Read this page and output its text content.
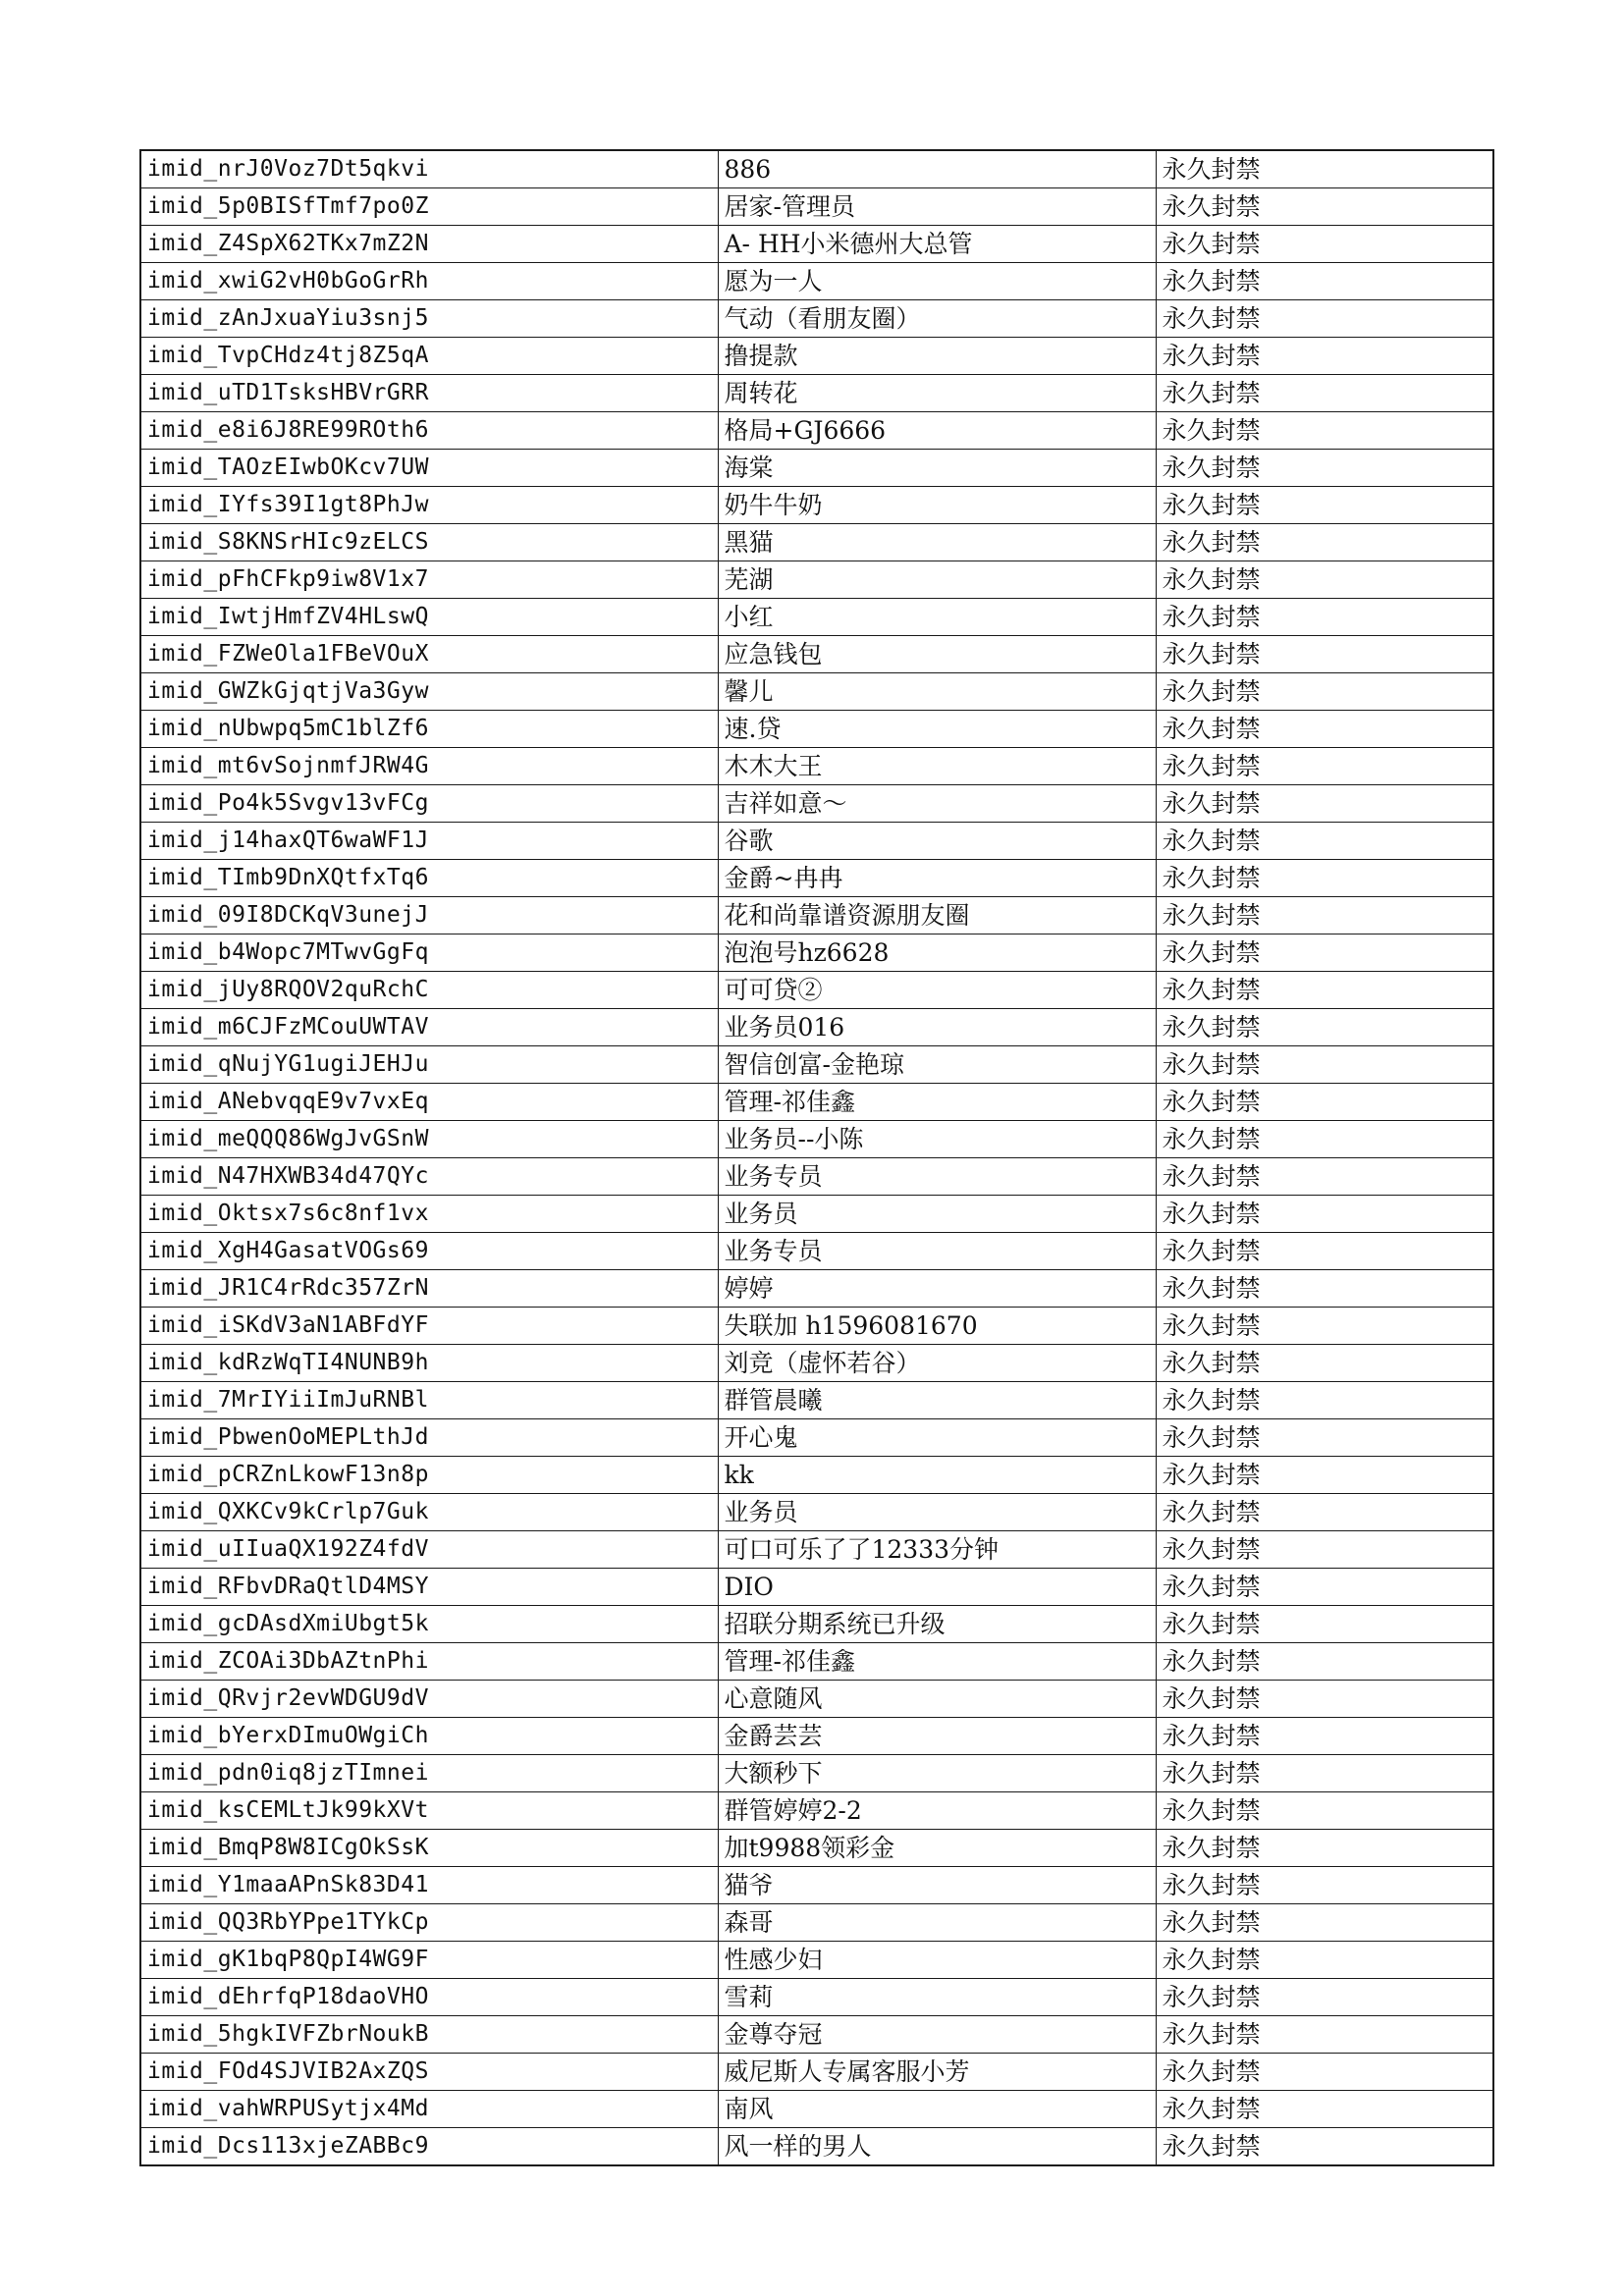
imid_nrJ0Voz7Dt5qkvi	886	永久封禁
imid_5p0BISfTmf7po0Z	居家-管理员	永久封禁
imid_Z4SpX62TKx7mZ2N	A- HH小米德州大总管	永久封禁
imid_xwiG2vH0bGoGrRh	愿为一人	永久封禁
imid_zAnJxuaYiu3snj5	气动（看朋友圈）	永久封禁
imid_TvpCHdz4tj8Z5qA	撸提款	永久封禁
imid_uTD1TsksHBVrGRR	周转花	永久封禁
imid_e8i6J8RE99ROth6	格局+GJ6666	永久封禁
imid_TAOzEIwbOKcv7UW	海棠	永久封禁
imid_IYfs39I1gt8PhJw	奶牛牛奶	永久封禁
imid_S8KNSrHIc9zELCS	黑猫	永久封禁
imid_pFhCFkp9iw8V1x7	芜湖	永久封禁
imid_IwtjHmfZV4HLswQ	小红	永久封禁
imid_FZWeOla1FBeVOuX	应急钱包	永久封禁
imid_GWZkGjqtjVa3Gyw	馨儿	永久封禁
imid_nUbwpq5mC1blZf6	速.贷	永久封禁
imid_mt6vSojnmfJRW4G	木木大王	永久封禁
imid_Po4k5Svgv13vFCg	吉祥如意～	永久封禁
imid_j14haxQT6waWF1J	谷歌	永久封禁
imid_TImb9DnXQtfxTq6	金爵~冉冉	永久封禁
imid_09I8DCKqV3unejJ	花和尚靠谱资源朋友圈	永久封禁
imid_b4Wopc7MTwvGgFq	泡泡号hz6628	永久封禁
imid_jUy8RQOV2quRchC	可可贷②	永久封禁
imid_m6CJFzMCouUWTAV	业务员016	永久封禁
imid_qNujYG1ugiJEHJu	智信创富-金艳琼	永久封禁
imid_ANebvqqE9v7vxEq	管理-祁佳鑫	永久封禁
imid_meQQQ86WgJvGSnW	业务员--小陈	永久封禁
imid_N47HXWB34d47QYc	业务专员	永久封禁
imid_Oktsx7s6c8nf1vx	业务员	永久封禁
imid_XgH4GasatVOGs69	业务专员	永久封禁
imid_JR1C4rRdc357ZrN	婷婷	永久封禁
imid_iSKdV3aN1ABFdYF	失联加 h1596081670	永久封禁
imid_kdRzWqTI4NUNB9h	刘竞（虚怀若谷）	永久封禁
imid_7MrIYiiImJuRNBl	群管晨曦	永久封禁
imid_PbwenOoMEPLthJd	开心鬼	永久封禁
imid_pCRZnLkowF13n8p	kk	永久封禁
imid_QXKCv9kCrlp7Guk	业务员	永久封禁
imid_uIIuaQX192Z4fdV	可口可乐了了12333分钟	永久封禁
imid_RFbvDRaQtlD4MSY	DIO	永久封禁
imid_gcDAsdXmiUbgt5k	招联分期系统已升级	永久封禁
imid_ZCOAi3DbAZtnPhi	管理-祁佳鑫	永久封禁
imid_QRvjr2evWDGU9dV	心意随风	永久封禁
imid_bYerxDImuOWgiCh	金爵芸芸	永久封禁
imid_pdn0iq8jzTImnei	大额秒下	永久封禁
imid_ksCEMLtJk99kXVt	群管婷婷2-2	永久封禁
imid_BmqP8W8ICgOkSsK	加t9988领彩金	永久封禁
imid_Y1maaAPnSk83D41	猫爷	永久封禁
imid_QQ3RbYPpe1TYkCp	森哥	永久封禁
imid_gK1bqP8QpI4WG9F	性感少妇	永久封禁
imid_dEhrfqP18daoVHO	雪莉	永久封禁
imid_5hgkIVFZbrNoukB	金尊夺冠	永久封禁
imid_FOd4SJVIB2AxZQS	威尼斯人专属客服小芳	永久封禁
imid_vahWRPUSytjx4Md	南风	永久封禁
imid_Dcs113xjeZABBc9	风一样的男人	永久封禁
